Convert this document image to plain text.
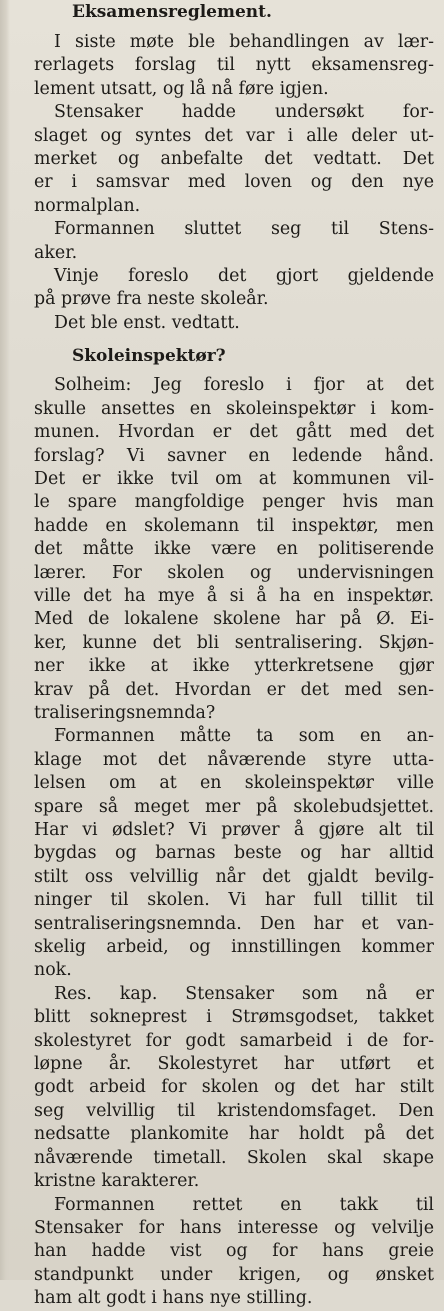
Eksamensreglement.
I siste møte ble behandlingen av lær-
rerlagets forslag til nytt eksamensreg-
lement utsatt, og lå nå føre igjen.
Stensaker hadde undersøkt for-
slaget og syntes det var i alle deler ut-
merket og anbefalte det vedtatt. Det
er i samsvar med loven og den nye
normalplan.
Formannen sluttet seg til Stens-
aker.
Vinje foreslo det gjort gjeldende
på prøve fra neste skoleår.
Det ble enst. vedtatt.
Skoleinspektør?
Solheim: Jeg foreslo i fjor at det
skulle ansettes en skoleinspektør i kom-
munen. Hvordan er det gått med det
forslag? Vi savner en ledende hånd.
Det er ikke tvil om at kommunen vil-
le spare mangfoldige penger hvis man
hadde en skolemann til inspektør, men
det måtte ikke være en politiserende
lærer. For skolen og undervisningen
ville det ha mye å si å ha en inspektør.
Med de lokalene skolene har på Ø. Ei-
ker, kunne det bli sentralisering. Skjøn-
ner ikke at ikke ytterkretsene gjør
krav på det. Hvordan er det med sen-
traliseringsnemnda?
Formannen måtte ta som en an-
klage mot det nåværende styre utta-
lelsen om at en skoleinspektør ville
spare så meget mer på skolebudsjettet.
Har vi ødslet? Vi prøver å gjøre alt til
bygdas og barnas beste og har alltid
stilt oss velvillig når det gjaldt bevilg-
ninger til skolen. Vi har full tillit til
sentraliseringsnemnda. Den har et van-
skelig arbeid, og innstillingen kommer
nok.
Res. kap. Stensaker som nå er
blitt sokneprest i Strømsgodset, takket
skolestyret for godt samarbeid i de for-
løpne år. Skolestyret har utført et
godt arbeid for skolen og det har stilt
seg velvillig til kristendomsfaget. Den
nedsatte plankomite har holdt på det
nåværende timetall. Skolen skal skape
kristne karakterer.
Formannen rettet en takk til
Stensaker for hans interesse og velvilje
han hadde vist og for hans greie
standpunkt under krigen, og ønsket
ham alt godt i hans nye stilling.
